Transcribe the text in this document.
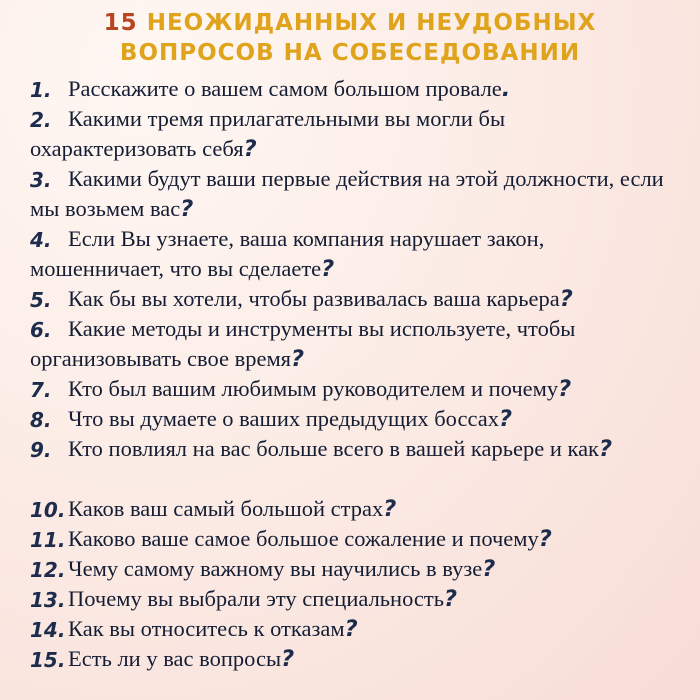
15 НЕОЖИДАННЫХ И НЕУДОБНЫХ
ВОПРОСОВ НА СОБЕСЕДОВАНИИ
1. Расскажите о вашем самом большом провале.
2. Какими тремя прилагательными вы могли бы охарактеризовать себя?
3. Какими будут ваши первые действия на этой должности, если мы возьмем вас?
4. Если Вы узнаете, ваша компания нарушает закон, мошенничает, что вы сделаете?
5. Как бы вы хотели, чтобы развивалась ваша карьера?
6. Какие методы и инструменты вы используете, чтобы организовывать свое время?
7. Кто был вашим любимым руководителем и почему?
8. Что вы думаете о ваших предыдущих боссах?
9. Кто повлиял на вас больше всего в вашей карьере и как?
10. Каков ваш самый большой страх?
11. Каково ваше самое большое сожаление и почему?
12. Чему самому важному вы научились в вузе?
13. Почему вы выбрали эту специальность?
14. Как вы относитесь к отказам?
15. Есть ли у вас вопросы?
